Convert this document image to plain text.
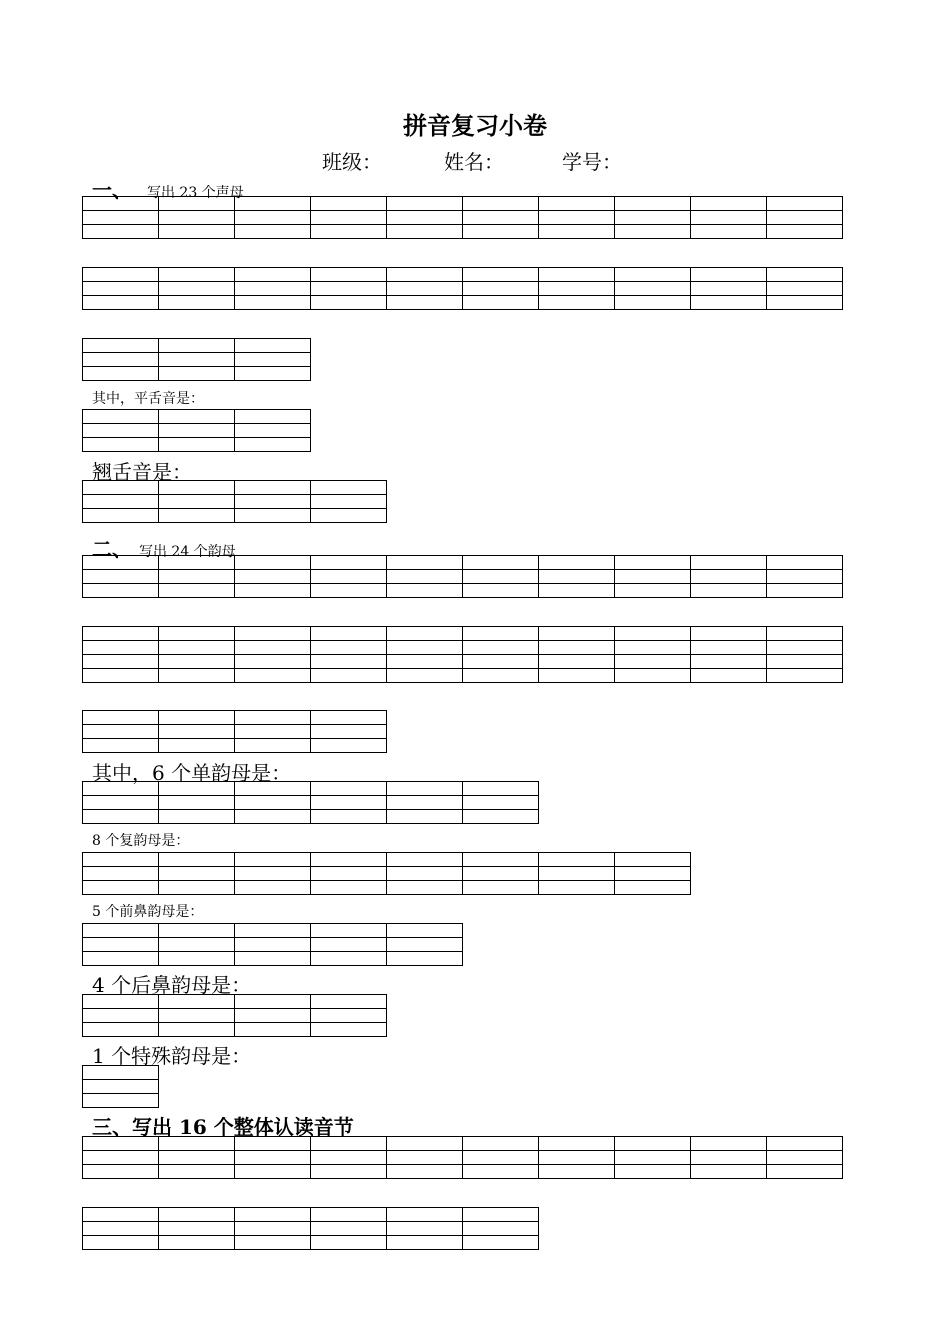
拼音复习小卷
班级：	姓名：	学号：
一、 写出 23 个声母

其中，平舌音是：

翘舌音是：

二、 写出 24 个韵母

其中，6 个单韵母是：

8 个复韵母是：

5 个前鼻韵母是：

4 个后鼻韵母是：

1 个特殊韵母是：

三、写出 16 个整体认读音节
